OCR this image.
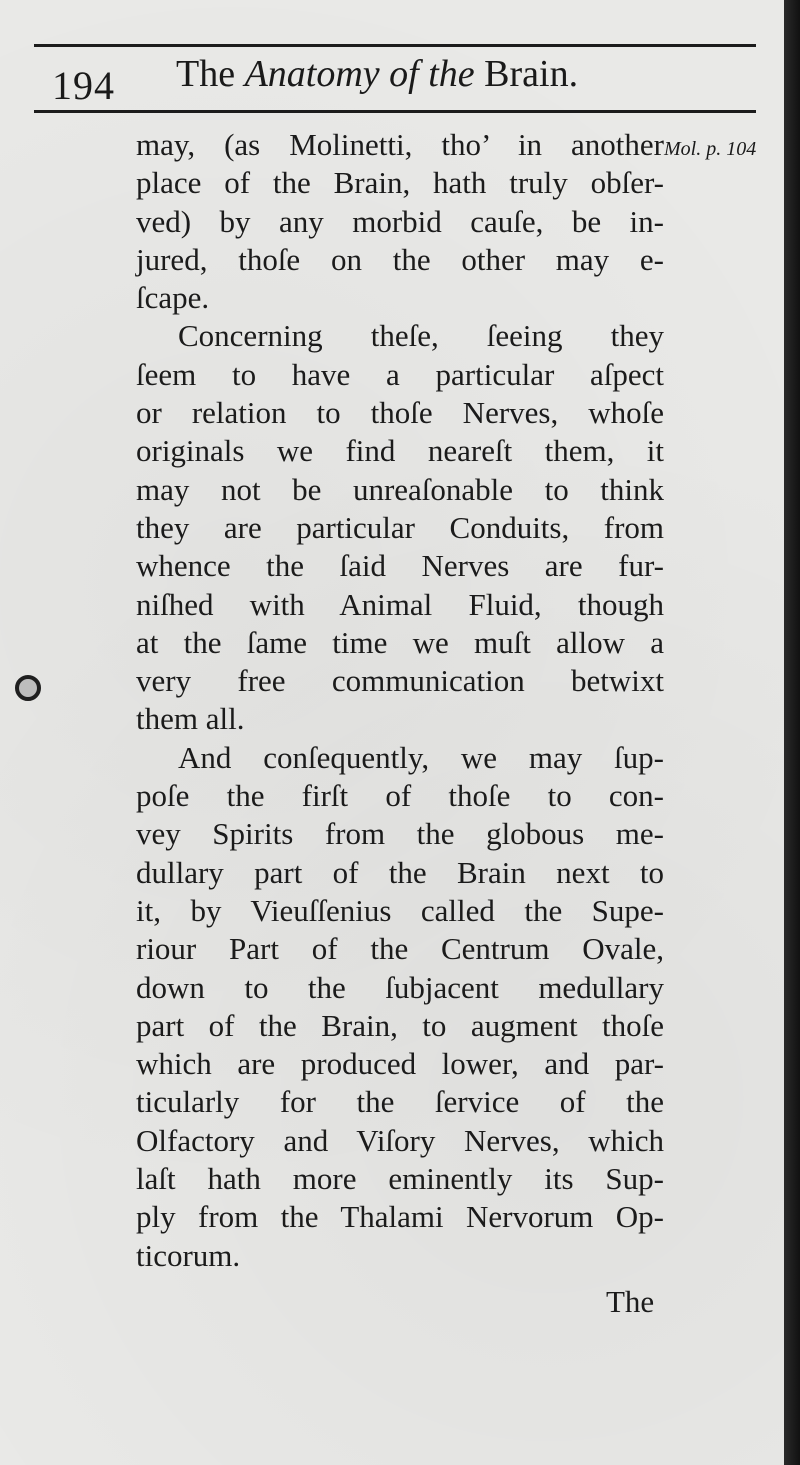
194 The Anatomy of the Brain.
Mol. p. 104
may, (as Molinetti, tho’ in another
place of the Brain, hath truly obſer-
ved) by any morbid cauſe, be in-
jured, thoſe on the other may e-
ſcape.
Concerning theſe, ſeeing they
ſeem to have a particular aſpect
or relation to thoſe Nerves, whoſe
originals we find neareſt them, it
may not be unreaſonable to think
they are particular Conduits, from
whence the ſaid Nerves are fur-
niſhed with Animal Fluid, though
at the ſame time we muſt allow a
very free communication betwixt
them all.
And conſequently, we may ſup-
poſe the firſt of thoſe to con-
vey Spirits from the globous me-
dullary part of the Brain next to
it, by Vieuſſenius called the Supe-
riour Part of the Centrum Ovale,
down to the ſubjacent medullary
part of the Brain, to augment thoſe
which are produced lower, and par-
ticularly for the ſervice of the
Olfactory and Viſory Nerves, which
laſt hath more eminently its Sup-
ply from the Thalami Nervorum Op-
ticorum.
The
